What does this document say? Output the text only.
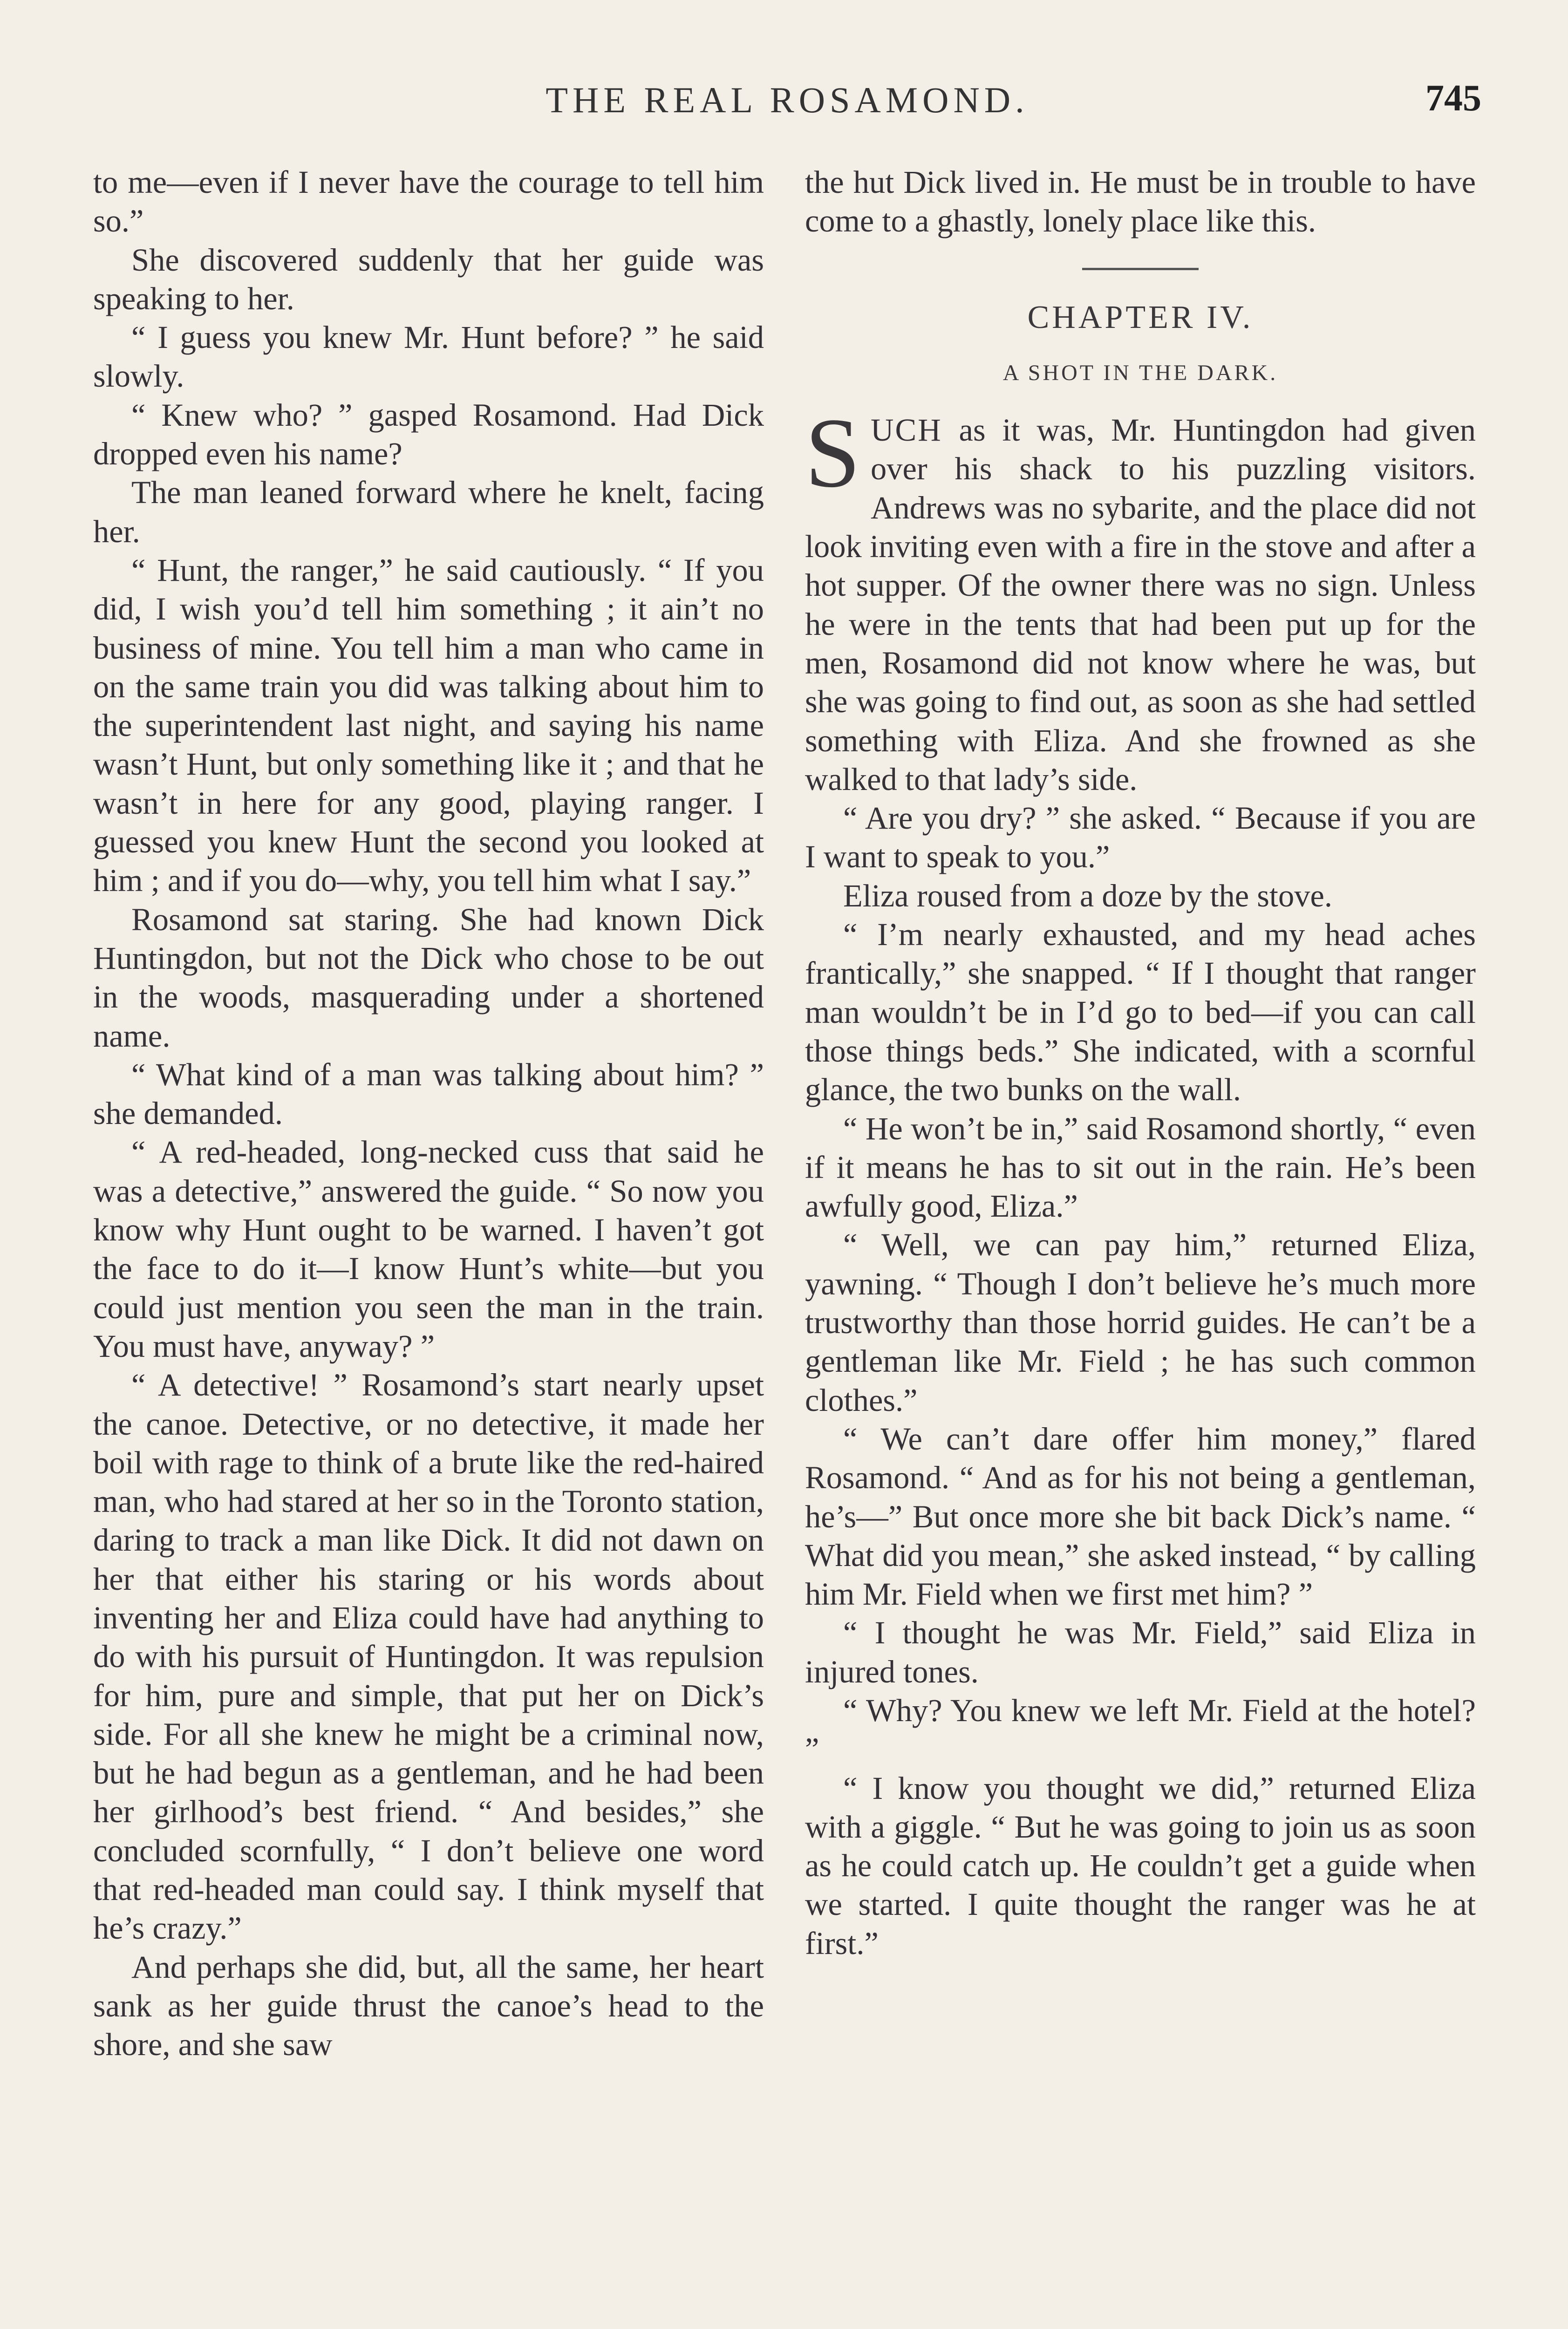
THE REAL ROSAMOND.	745

to me—even if I never have the courage to tell him so.”

She discovered suddenly that her guide was speaking to her.

“ I guess you knew Mr. Hunt before? ” he said slowly.

“ Knew who? ” gasped Rosamond. Had Dick dropped even his name?

The man leaned forward where he knelt, facing her.

“ Hunt, the ranger,” he said cautiously. “ If you did, I wish you’d tell him something ; it ain’t no business of mine. You tell him a man who came in on the same train you did was talking about him to the superintendent last night, and saying his name wasn’t Hunt, but only something like it ; and that he wasn’t in here for any good, playing ranger. I guessed you knew Hunt the second you looked at him ; and if you do—why, you tell him what I say.”

Rosamond sat staring. She had known Dick Huntingdon, but not the Dick who chose to be out in the woods, masquerading under a shortened name.

“ What kind of a man was talking about him? ” she demanded.

“ A red-headed, long-necked cuss that said he was a detective,” answered the guide. “ So now you know why Hunt ought to be warned. I haven’t got the face to do it—I know Hunt’s white—but you could just mention you seen the man in the train. You must have, anyway? ”

“ A detective! ” Rosamond’s start nearly upset the canoe. Detective, or no detective, it made her boil with rage to think of a brute like the red-haired man, who had stared at her so in the Toronto station, daring to track a man like Dick. It did not dawn on her that either his staring or his words about inventing her and Eliza could have had anything to do with his pursuit of Huntingdon. It was repulsion for him, pure and simple, that put her on Dick’s side. For all she knew he might be a criminal now, but he had begun as a gentleman, and he had been her girlhood’s best friend. “ And besides,” she concluded scornfully, “ I don’t believe one word that red-headed man could say. I think myself that he’s crazy.”

And perhaps she did, but, all the same, her heart sank as her guide thrust the canoe’s head to the shore, and she saw

the hut Dick lived in. He must be in trouble to have come to a ghastly, lonely place like this.

CHAPTER IV.
A SHOT IN THE DARK.

SUCH as it was, Mr. Huntingdon had given over his shack to his puzzling visitors. Andrews was no sybarite, and the place did not look inviting even with a fire in the stove and after a hot supper. Of the owner there was no sign. Unless he were in the tents that had been put up for the men, Rosamond did not know where he was, but she was going to find out, as soon as she had settled something with Eliza. And she frowned as she walked to that lady’s side.

“ Are you dry? ” she asked. “ Because if you are I want to speak to you.”

Eliza roused from a doze by the stove.

“ I’m nearly exhausted, and my head aches frantically,” she snapped. “ If I thought that ranger man wouldn’t be in I’d go to bed—if you can call those things beds.” She indicated, with a scornful glance, the two bunks on the wall.

“ He won’t be in,” said Rosamond shortly, “ even if it means he has to sit out in the rain. He’s been awfully good, Eliza.”

“ Well, we can pay him,” returned Eliza, yawning. “ Though I don’t believe he’s much more trustworthy than those horrid guides. He can’t be a gentleman like Mr. Field ; he has such common clothes.”

“ We can’t dare offer him money,” flared Rosamond. “ And as for his not being a gentleman, he’s—” But once more she bit back Dick’s name. “ What did you mean,” she asked instead, “ by calling him Mr. Field when we first met him? ”

“ I thought he was Mr. Field,” said Eliza in injured tones.

“ Why? You knew we left Mr. Field at the hotel? ”

“ I know you thought we did,” returned Eliza with a giggle. “ But he was going to join us as soon as he could catch up. He couldn’t get a guide when we started. I quite thought the ranger was he at first.”
